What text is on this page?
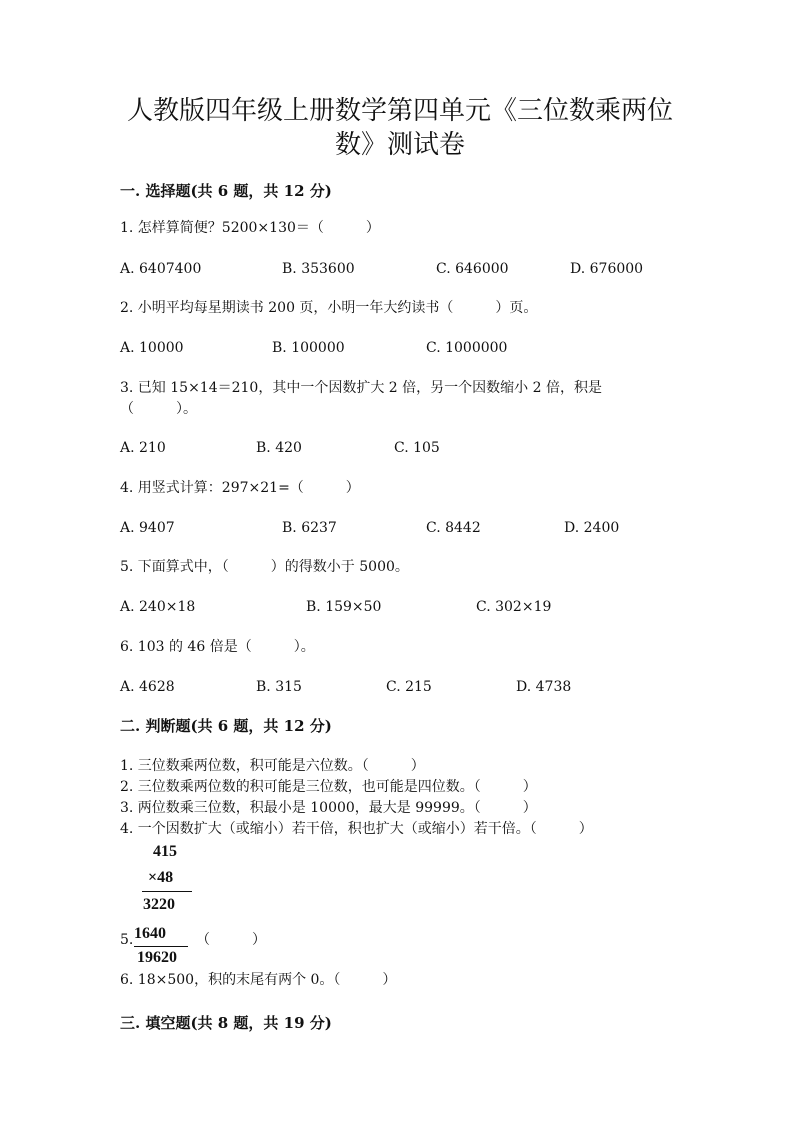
人教版四年级上册数学第四单元《三位数乘两位
数》测试卷
一. 选择题(共 6 题，共 12 分)
1. 怎样算简便？5200×130＝（　　　）
A. 6407400	B. 353600	C. 646000	D. 676000
2. 小明平均每星期读书 200 页，小明一年大约读书（　　　）页。
A. 10000	B. 100000	C. 1000000
3. 已知 15×14＝210，其中一个因数扩大 2 倍，另一个因数缩小 2 倍，积是
（　　　）。
A. 210	B. 420	C. 105
4. 用竖式计算：297×21=（　　　）
A. 9407	B. 6237	C. 8442	D. 2400
5. 下面算式中，（　　　）的得数小于 5000。
A. 240×18	B. 159×50	C. 302×19
6. 103 的 46 倍是（　　　）。
A. 4628	B. 315	C. 215	D. 4738
二. 判断题(共 6 题，共 12 分)
1. 三位数乘两位数，积可能是六位数。（　　　）
2. 三位数乘两位数的积可能是三位数，也可能是四位数。（　　　）
3. 两位数乘三位数，积最小是 10000，最大是 99999。（　　　）
4. 一个因数扩大（或缩小）若干倍，积也扩大（或缩小）若干倍。（　　　）
415
×48
3220
1640
19620
5.	（　　　）
6. 18×500，积的末尾有两个 0。（　　　）
三. 填空题(共 8 题，共 19 分)
